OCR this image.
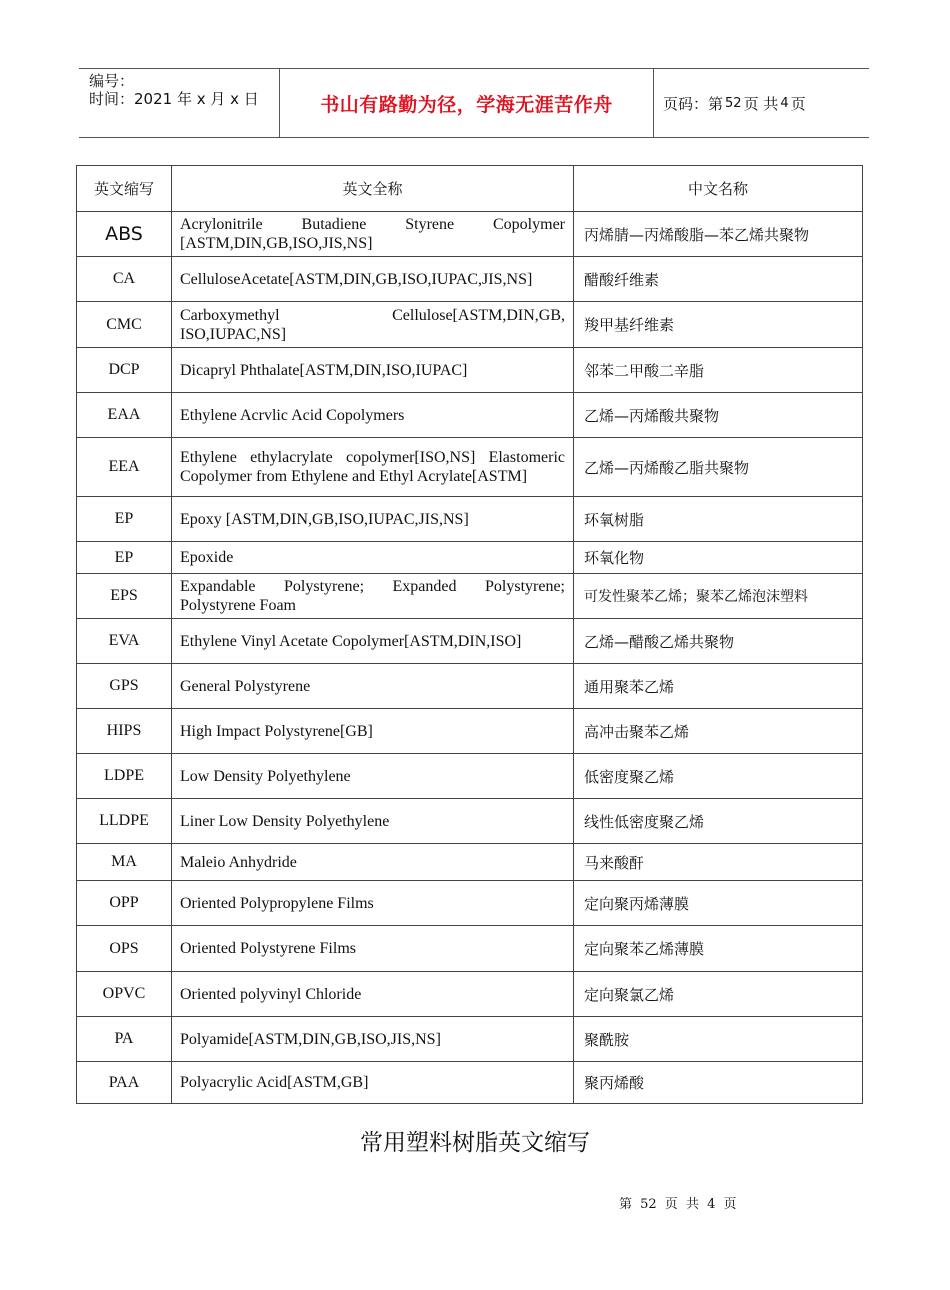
编号：
时间：2021 年 x 月 x 日	书山有路勤为径，学海无涯苦作舟	页码：第 52 页 共 4 页
英文缩写	英文全称	中文名称
ABS	Acrylonitrile Butadiene Styrene Copolymer [ASTM,DIN,GB,ISO,JIS,NS]	丙烯腈—丙烯酸脂—苯乙烯共聚物
CA	CelluloseAcetate[ASTM,DIN,GB,ISO,IUPAC,JIS,NS]	醋酸纤维素
CMC	Carboxymethyl Cellulose[ASTM,DIN,GB, ISO,IUPAC,NS]	羧甲基纤维素
DCP	Dicapryl Phthalate[ASTM,DIN,ISO,IUPAC]	邻苯二甲酸二辛脂
EAA	Ethylene Acrvlic Acid Copolymers	乙烯—丙烯酸共聚物
EEA	Ethylene ethylacrylate copolymer[ISO,NS] Elastomeric Copolymer from Ethylene and Ethyl Acrylate[ASTM]	乙烯—丙烯酸乙脂共聚物
EP	Epoxy [ASTM,DIN,GB,ISO,IUPAC,JIS,NS]	环氧树脂
EP	Epoxide	环氧化物
EPS	Expandable Polystyrene; Expanded Polystyrene; Polystyrene Foam	可发性聚苯乙烯；聚苯乙烯泡沫塑料
EVA	Ethylene Vinyl Acetate Copolymer[ASTM,DIN,ISO]	乙烯—醋酸乙烯共聚物
GPS	General Polystyrene	通用聚苯乙烯
HIPS	High Impact Polystyrene[GB]	高冲击聚苯乙烯
LDPE	Low Density Polyethylene	低密度聚乙烯
LLDPE	Liner Low Density Polyethylene	线性低密度聚乙烯
MA	Maleio Anhydride	马来酸酐
OPP	Oriented Polypropylene Films	定向聚丙烯薄膜
OPS	Oriented Polystyrene Films	定向聚苯乙烯薄膜
OPVC	Oriented polyvinyl Chloride	定向聚氯乙烯
PA	Polyamide[ASTM,DIN,GB,ISO,JIS,NS]	聚酰胺
PAA	Polyacrylic Acid[ASTM,GB]	聚丙烯酸
常用塑料树脂英文缩写
第 52 页 共 4 页
